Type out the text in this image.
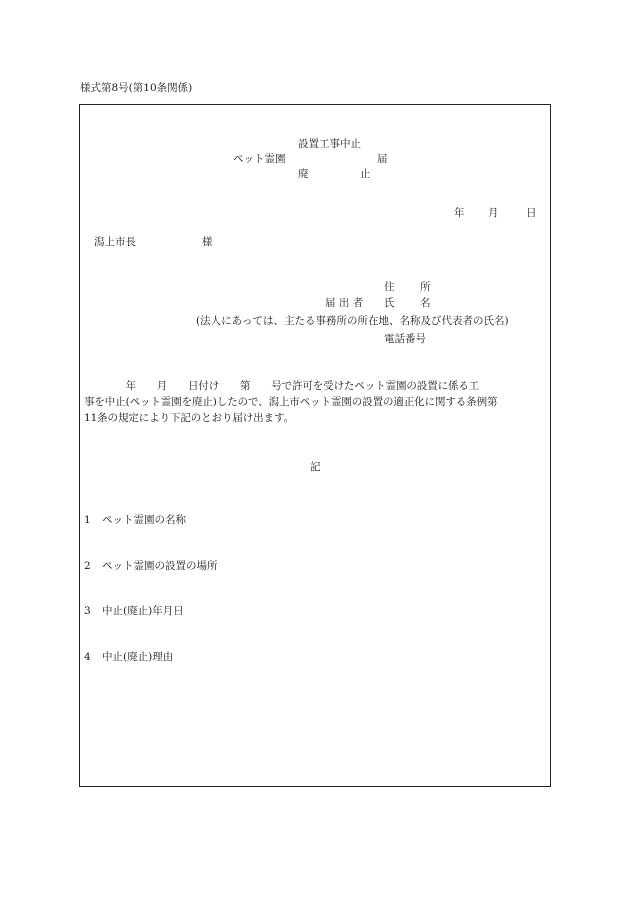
様式第8号(第10条関係)
設置工事中止
ペット霊園	届
廃	止
年 月	日
潟上市長	様
住 所
届 出 者 氏 名
(法人にあっては、主たる事務所の所在地、名称及び代表者の氏名)
電話番号
　　　　年　　月　　日付け　　第　　号で許可を受けたペット霊園の設置に係る工
事を中止(ペット霊園を廃止)したので、潟上市ペット霊園の設置の適正化に関する条例第
11条の規定により下記のとおり届け出ます。
記
1 ペット霊園の名称
2 ペット霊園の設置の場所
3 中止(廃止)年月日
4 中止(廃止)理由
